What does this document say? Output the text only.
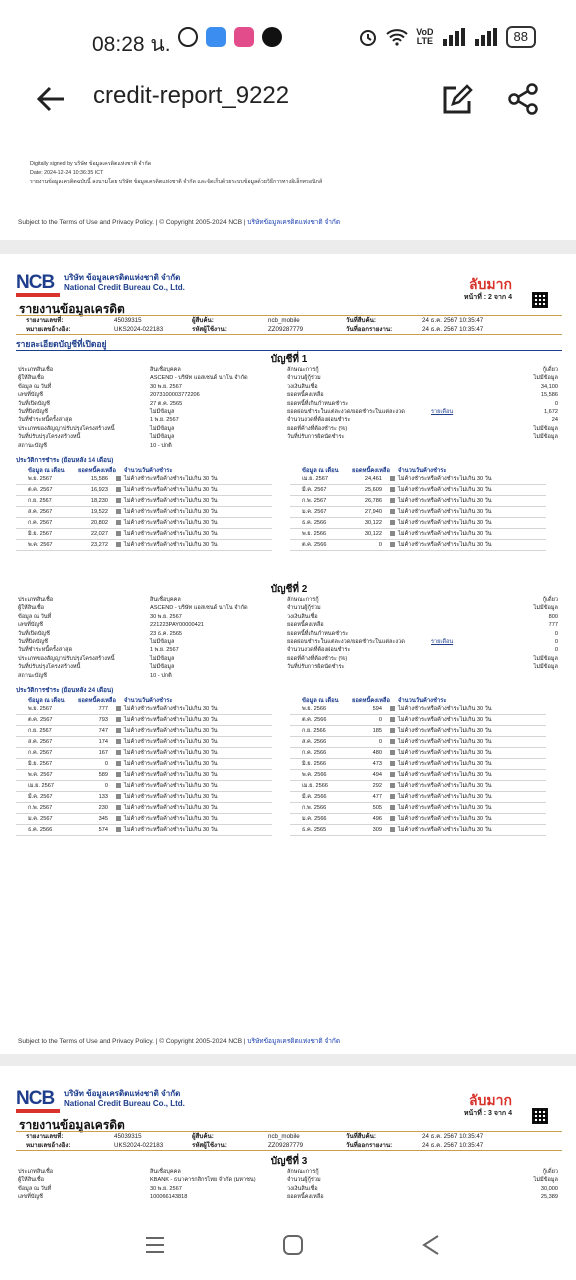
08:28 น.
VoD
LTE	88
credit-report_9222
Digitally signed by บริษัท ข้อมูลเครดิตแห่งชาติ จำกัด
Date: 2024-12-24 10:36:35 ICT
รายงานข้อมูลเครดิตฉบับนี้ ลงนามโดย บริษัท ข้อมูลเครดิตแห่งชาติ จำกัด และจัดเก็บด้วยระบบข้อมูลด้วยวิธีการทางอิเล็กทรอนิกส์
Subject to the Terms of Use and Privacy Policy. | © Copyright 2005-2024 NCB | บริษัทข้อมูลเครดิตแห่งชาติ จำกัด
NCB	บริษัท ข้อมูลเครดิตแห่งชาติ จำกัด
National Credit Bureau Co., Ltd.	ลับมาก
หน้าที่ : 2 จาก 4
รายงานข้อมูลเครดิต
รายงานเลขที่:	45039315	ผู้สืบค้น:	ncb_mobile	วันที่สืบค้น:	24 ธ.ค. 2567 10:35:47
หมายเลขอ้างอิง:	UKS2024-022183	รหัสผู้ใช้งาน:	ZZ09287779	วันที่ออกรายงาน:	24 ธ.ค. 2567 10:35:47
รายละเอียดบัญชีที่เปิดอยู่
บัญชีที่ 1
ประเภทสินเชื่อ	สินเชื่อบุคคล
ผู้ให้สินเชื่อ	ASCEND - บริษัท แอสเซนด์ นาโน จำกัด
ข้อมูล ณ วันที่	30 พ.ย. 2567
เลขที่บัญชี	2073100003772206
วันที่เปิดบัญชี	27 ต.ค. 2565
วันที่ปิดบัญชี	ไม่มีข้อมูล
วันที่ชำระหนี้ครั้งล่าสุด	1 พ.ย. 2567
ประเภทของสัญญาปรับปรุงโครงสร้างหนี้	ไม่มีข้อมูล
วันที่ปรับปรุงโครงสร้างหนี้	ไม่มีข้อมูล
สถานะบัญชี	10 - ปกติ
ลักษณะการกู้	กู้เดี่ยว
จำนวนผู้กู้ร่วม	ไม่มีข้อมูล
วงเงินสินเชื่อ	34,100
ยอดหนี้คงเหลือ	15,586
ยอดหนี้ที่เกินกำหนดชำระ	0
ยอดผ่อนชำระในแต่ละงวด/ยอดชำระในแต่ละงวด	1,672
จำนวนงวดที่ต้องผ่อนชำระ	24
ยอดที่ค้างที่ต้องชำระ (%)	ไม่มีข้อมูล
วันที่ปรับการผิดนัดชำระ	ไม่มีข้อมูล
รายเดือน
ประวัติการชำระ (ย้อนหลัง 14 เดือน)
ข้อมูล ณ เดือน ยอดหนี้คงเหลือ จำนวนวันค้างชำระ	ข้อมูล ณ เดือน ยอดหนี้คงเหลือ จำนวนวันค้างชำระ
พ.ย. 2567	15,586	ไม่ค้างชำระหรือค้างชำระไม่เกิน 30 วัน
ต.ค. 2567	16,923	ไม่ค้างชำระหรือค้างชำระไม่เกิน 30 วัน
ก.ย. 2567	18,230	ไม่ค้างชำระหรือค้างชำระไม่เกิน 30 วัน
ส.ค. 2567	19,522	ไม่ค้างชำระหรือค้างชำระไม่เกิน 30 วัน
ก.ค. 2567	20,802	ไม่ค้างชำระหรือค้างชำระไม่เกิน 30 วัน
มิ.ย. 2567	22,027	ไม่ค้างชำระหรือค้างชำระไม่เกิน 30 วัน
พ.ค. 2567	23,272	ไม่ค้างชำระหรือค้างชำระไม่เกิน 30 วัน
เม.ย. 2567	24,461	ไม่ค้างชำระหรือค้างชำระไม่เกิน 30 วัน
มี.ค. 2567	25,609	ไม่ค้างชำระหรือค้างชำระไม่เกิน 30 วัน
ก.พ. 2567	26,786	ไม่ค้างชำระหรือค้างชำระไม่เกิน 30 วัน
ม.ค. 2567	27,940	ไม่ค้างชำระหรือค้างชำระไม่เกิน 30 วัน
ธ.ค. 2566	30,122	ไม่ค้างชำระหรือค้างชำระไม่เกิน 30 วัน
พ.ย. 2566	30,122	ไม่ค้างชำระหรือค้างชำระไม่เกิน 30 วัน
ต.ค. 2566	0	ไม่ค้างชำระหรือค้างชำระไม่เกิน 30 วัน
บัญชีที่ 2
ประเภทสินเชื่อ	สินเชื่อบุคคล
ผู้ให้สินเชื่อ	ASCEND - บริษัท แอสเซนด์ นาโน จำกัด
ข้อมูล ณ วันที่	30 พ.ย. 2567
เลขที่บัญชี	221223PAY00000421
วันที่เปิดบัญชี	23 ธ.ค. 2565
วันที่ปิดบัญชี	ไม่มีข้อมูล
วันที่ชำระหนี้ครั้งล่าสุด	1 พ.ย. 2567
ประเภทของสัญญาปรับปรุงโครงสร้างหนี้	ไม่มีข้อมูล
วันที่ปรับปรุงโครงสร้างหนี้	ไม่มีข้อมูล
สถานะบัญชี	10 - ปกติ
ลักษณะการกู้	กู้เดี่ยว
จำนวนผู้กู้ร่วม	ไม่มีข้อมูล
วงเงินสินเชื่อ	800
ยอดหนี้คงเหลือ	777
ยอดหนี้ที่เกินกำหนดชำระ	0
ยอดผ่อนชำระในแต่ละงวด/ยอดชำระในแต่ละงวด	0
จำนวนงวดที่ต้องผ่อนชำระ	0
ยอดที่ค้างที่ต้องชำระ (%)	ไม่มีข้อมูล
วันที่ปรับการผิดนัดชำระ	ไม่มีข้อมูล
รายเดือน
ประวัติการชำระ (ย้อนหลัง 24 เดือน)
ข้อมูล ณ เดือน ยอดหนี้คงเหลือ จำนวนวันค้างชำระ	ข้อมูล ณ เดือน ยอดหนี้คงเหลือ จำนวนวันค้างชำระ
พ.ย. 2567	777	ไม่ค้างชำระหรือค้างชำระไม่เกิน 30 วัน
ต.ค. 2567	793	ไม่ค้างชำระหรือค้างชำระไม่เกิน 30 วัน
ก.ย. 2567	747	ไม่ค้างชำระหรือค้างชำระไม่เกิน 30 วัน
ส.ค. 2567	174	ไม่ค้างชำระหรือค้างชำระไม่เกิน 30 วัน
ก.ค. 2567	167	ไม่ค้างชำระหรือค้างชำระไม่เกิน 30 วัน
มิ.ย. 2567	0	ไม่ค้างชำระหรือค้างชำระไม่เกิน 30 วัน
พ.ค. 2567	589	ไม่ค้างชำระหรือค้างชำระไม่เกิน 30 วัน
เม.ย. 2567	0	ไม่ค้างชำระหรือค้างชำระไม่เกิน 30 วัน
มี.ค. 2567	133	ไม่ค้างชำระหรือค้างชำระไม่เกิน 30 วัน
ก.พ. 2567	230	ไม่ค้างชำระหรือค้างชำระไม่เกิน 30 วัน
ม.ค. 2567	345	ไม่ค้างชำระหรือค้างชำระไม่เกิน 30 วัน
ธ.ค. 2566	574	ไม่ค้างชำระหรือค้างชำระไม่เกิน 30 วัน
พ.ย. 2566	594	ไม่ค้างชำระหรือค้างชำระไม่เกิน 30 วัน
ต.ค. 2566	0	ไม่ค้างชำระหรือค้างชำระไม่เกิน 30 วัน
ก.ย. 2566	185	ไม่ค้างชำระหรือค้างชำระไม่เกิน 30 วัน
ส.ค. 2566	0	ไม่ค้างชำระหรือค้างชำระไม่เกิน 30 วัน
ก.ค. 2566	480	ไม่ค้างชำระหรือค้างชำระไม่เกิน 30 วัน
มิ.ย. 2566	473	ไม่ค้างชำระหรือค้างชำระไม่เกิน 30 วัน
พ.ค. 2566	494	ไม่ค้างชำระหรือค้างชำระไม่เกิน 30 วัน
เม.ย. 2566	292	ไม่ค้างชำระหรือค้างชำระไม่เกิน 30 วัน
มี.ค. 2566	477	ไม่ค้างชำระหรือค้างชำระไม่เกิน 30 วัน
ก.พ. 2566	505	ไม่ค้างชำระหรือค้างชำระไม่เกิน 30 วัน
ม.ค. 2566	496	ไม่ค้างชำระหรือค้างชำระไม่เกิน 30 วัน
ธ.ค. 2565	309	ไม่ค้างชำระหรือค้างชำระไม่เกิน 30 วัน
Subject to the Terms of Use and Privacy Policy. | © Copyright 2005-2024 NCB | บริษัทข้อมูลเครดิตแห่งชาติ จำกัด
NCB	บริษัท ข้อมูลเครดิตแห่งชาติ จำกัด
National Credit Bureau Co., Ltd.	ลับมาก
หน้าที่ : 3 จาก 4
รายงานข้อมูลเครดิต
รายงานเลขที่:	45039315	ผู้สืบค้น:	ncb_mobile	วันที่สืบค้น:	24 ธ.ค. 2567 10:35:47
หมายเลขอ้างอิง:	UKS2024-022183	รหัสผู้ใช้งาน:	ZZ09287779	วันที่ออกรายงาน:	24 ธ.ค. 2567 10:35:47
บัญชีที่ 3
ประเภทสินเชื่อ	สินเชื่อบุคคล
ผู้ให้สินเชื่อ	KBANK - ธนาคารกสิกรไทย จำกัด (มหาชน)
ข้อมูล ณ วันที่	30 พ.ย. 2567
เลขที่บัญชี	100066143818
ลักษณะการกู้	กู้เดี่ยว
จำนวนผู้กู้ร่วม	ไม่มีข้อมูล
วงเงินสินเชื่อ	30,000
ยอดหนี้คงเหลือ	25,389
